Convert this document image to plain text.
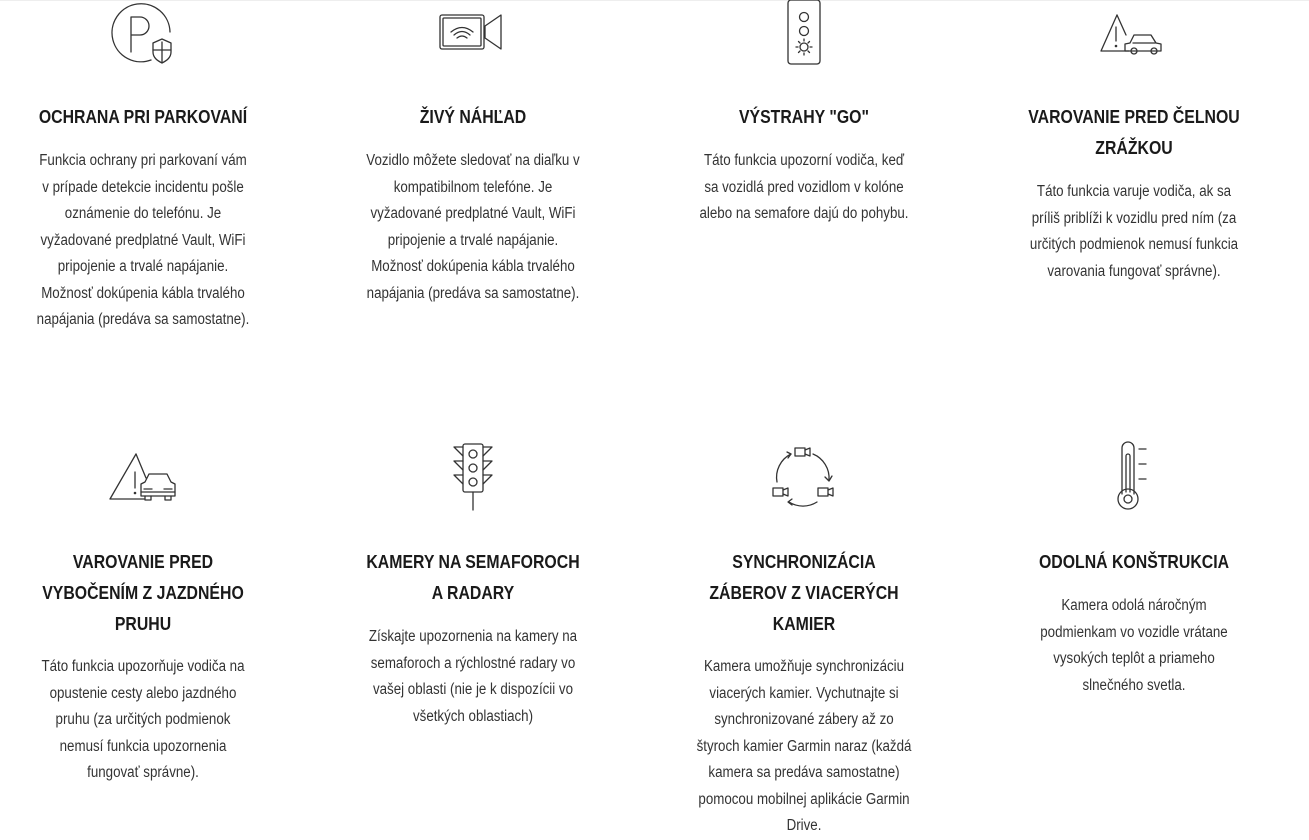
OCHRANA PRI PARKOVANÍ

Funkcia ochrany pri parkovaní vám v prípade detekcie incidentu pošle oznámenie do telefónu. Je vyžadované predplatné Vault, WiFi pripojenie a trvalé napájanie. Možnosť dokúpenia kábla trvalého napájania (predáva sa samostatne).

ŽIVÝ NÁHĽAD

Vozidlo môžete sledovať na diaľku v kompatibilnom telefóne. Je vyžadované predplatné Vault, WiFi pripojenie a trvalé napájanie. Možnosť dokúpenia kábla trvalého napájania (predáva sa samostatne).

VÝSTRAHY "GO"

Táto funkcia upozorní vodiča, keď sa vozidlá pred vozidlom v kolóne alebo na semafore dajú do pohybu.

VAROVANIE PRED ČELNOU ZRÁŽKOU

Táto funkcia varuje vodiča, ak sa príliš priblíži k vozidlu pred ním (za určitých podmienok nemusí funkcia varovania fungovať správne).

VAROVANIE PRED VYBOČENÍM Z JAZDNÉHO PRUHU

Táto funkcia upozorňuje vodiča na opustenie cesty alebo jazdného pruhu (za určitých podmienok nemusí funkcia upozornenia fungovať správne).

KAMERY NA SEMAFOROCH A RADARY

Získajte upozornenia na kamery na semaforoch a rýchlostné radary vo vašej oblasti (nie je k dispozícii vo všetkých oblastiach)

SYNCHRONIZÁCIA ZÁBEROV Z VIACERÝCH KAMIER

Kamera umožňuje synchronizáciu viacerých kamier. Vychutnajte si synchronizované zábery až zo štyroch kamier Garmin naraz (každá kamera sa predáva samostatne) pomocou mobilnej aplikácie Garmin Drive.

ODOLNÁ KONŠTRUKCIA

Kamera odolá náročným podmienkam vo vozidle vrátane vysokých teplôt a priameho slnečného svetla.
